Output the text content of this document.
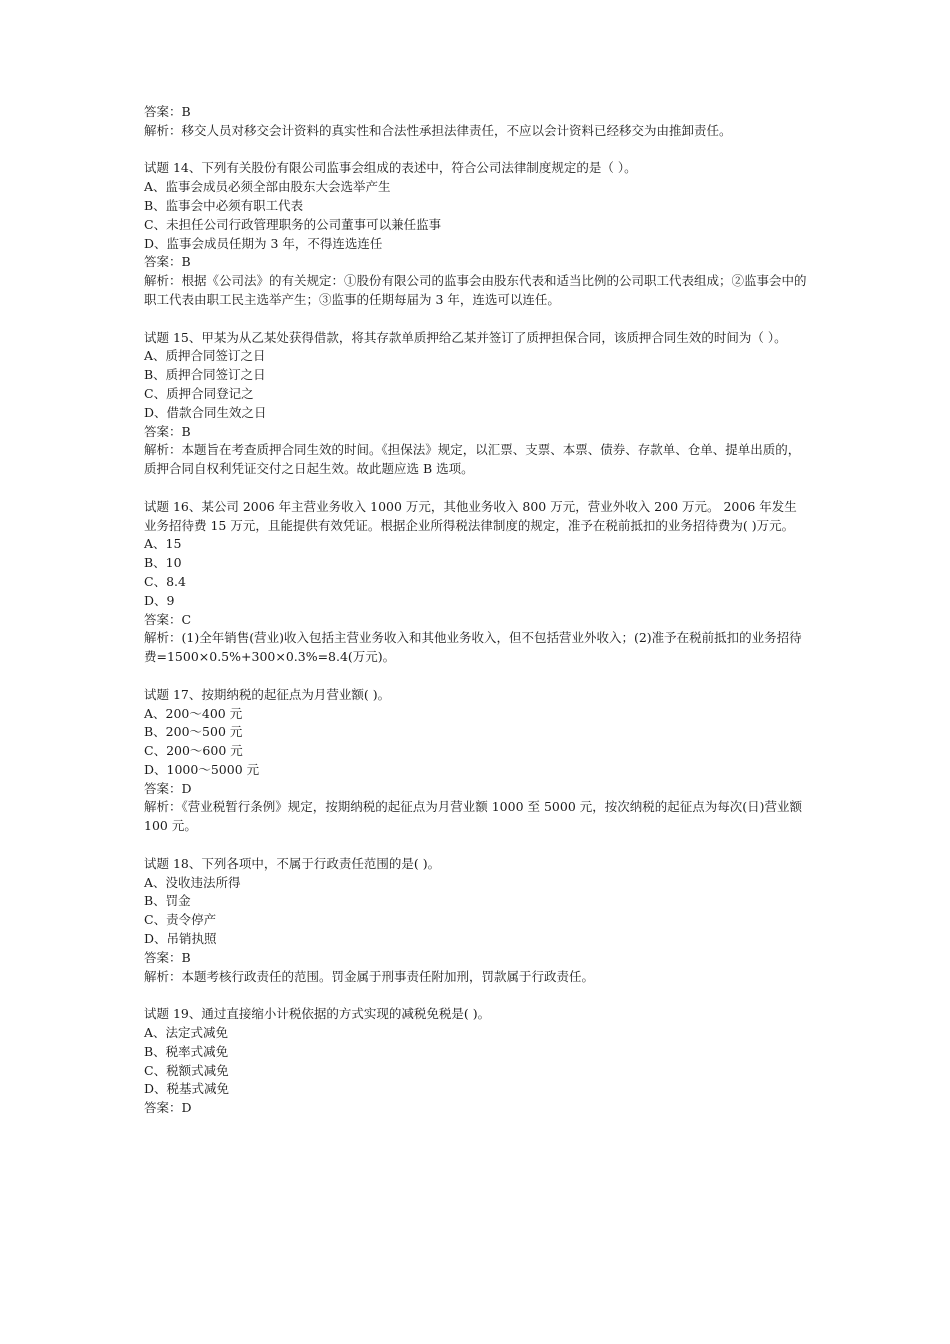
答案：B
解析：移交人员对移交会计资料的真实性和合法性承担法律责任，不应以会计资料已经移交为由推卸责任。
试题 14、下列有关股份有限公司监事会组成的表述中，符合公司法律制度规定的是（ ）。
A、监事会成员必须全部由股东大会选举产生
B、监事会中必须有职工代表
C、未担任公司行政管理职务的公司董事可以兼任监事
D、监事会成员任期为 3 年，不得连选连任
答案：B
解析：根据《公司法》的有关规定：①股份有限公司的监事会由股东代表和适当比例的公司职工代表组成；②监事会中的职工代表由职工民主选举产生；③监事的任期每届为 3 年，连选可以连任。
试题 15、甲某为从乙某处获得借款，将其存款单质押给乙某并签订了质押担保合同，该质押合同生效的时间为（ ）。
A、质押合同签订之日
B、质押合同签订之日
C、质押合同登记之
D、借款合同生效之日
答案：B
解析：本题旨在考查质押合同生效的时间。《担保法》规定，以汇票、支票、本票、债券、存款单、仓单、提单出质的，质押合同自权利凭证交付之日起生效。故此题应选 B 选项。
试题 16、某公司 2006 年主营业务收入 1000 万元，其他业务收入 800 万元，营业外收入 200 万元。 2006 年发生业务招待费 15 万元，且能提供有效凭证。根据企业所得税法律制度的规定，准予在税前抵扣的业务招待费为( )万元。
A、15
B、10
C、8.4
D、9
答案：C
解析：(1)全年销售(营业)收入包括主营业务收入和其他业务收入，但不包括营业外收入；(2)准予在税前抵扣的业务招待费=1500×0.5%+300×0.3%=8.4(万元)。
试题 17、按期纳税的起征点为月营业额( )。
A、200～400 元
B、200～500 元
C、200～600 元
D、1000～5000 元
答案：D
解析：《营业税暂行条例》规定，按期纳税的起征点为月营业额 1000 至 5000 元，按次纳税的起征点为每次(日)营业额 100 元。
试题 18、下列各项中，不属于行政责任范围的是( )。
A、没收违法所得
B、罚金
C、责令停产
D、吊销执照
答案：B
解析：本题考核行政责任的范围。罚金属于刑事责任附加刑，罚款属于行政责任。
试题 19、通过直接缩小计税依据的方式实现的减税免税是( )。
A、法定式减免
B、税率式减免
C、税额式减免
D、税基式减免
答案：D
